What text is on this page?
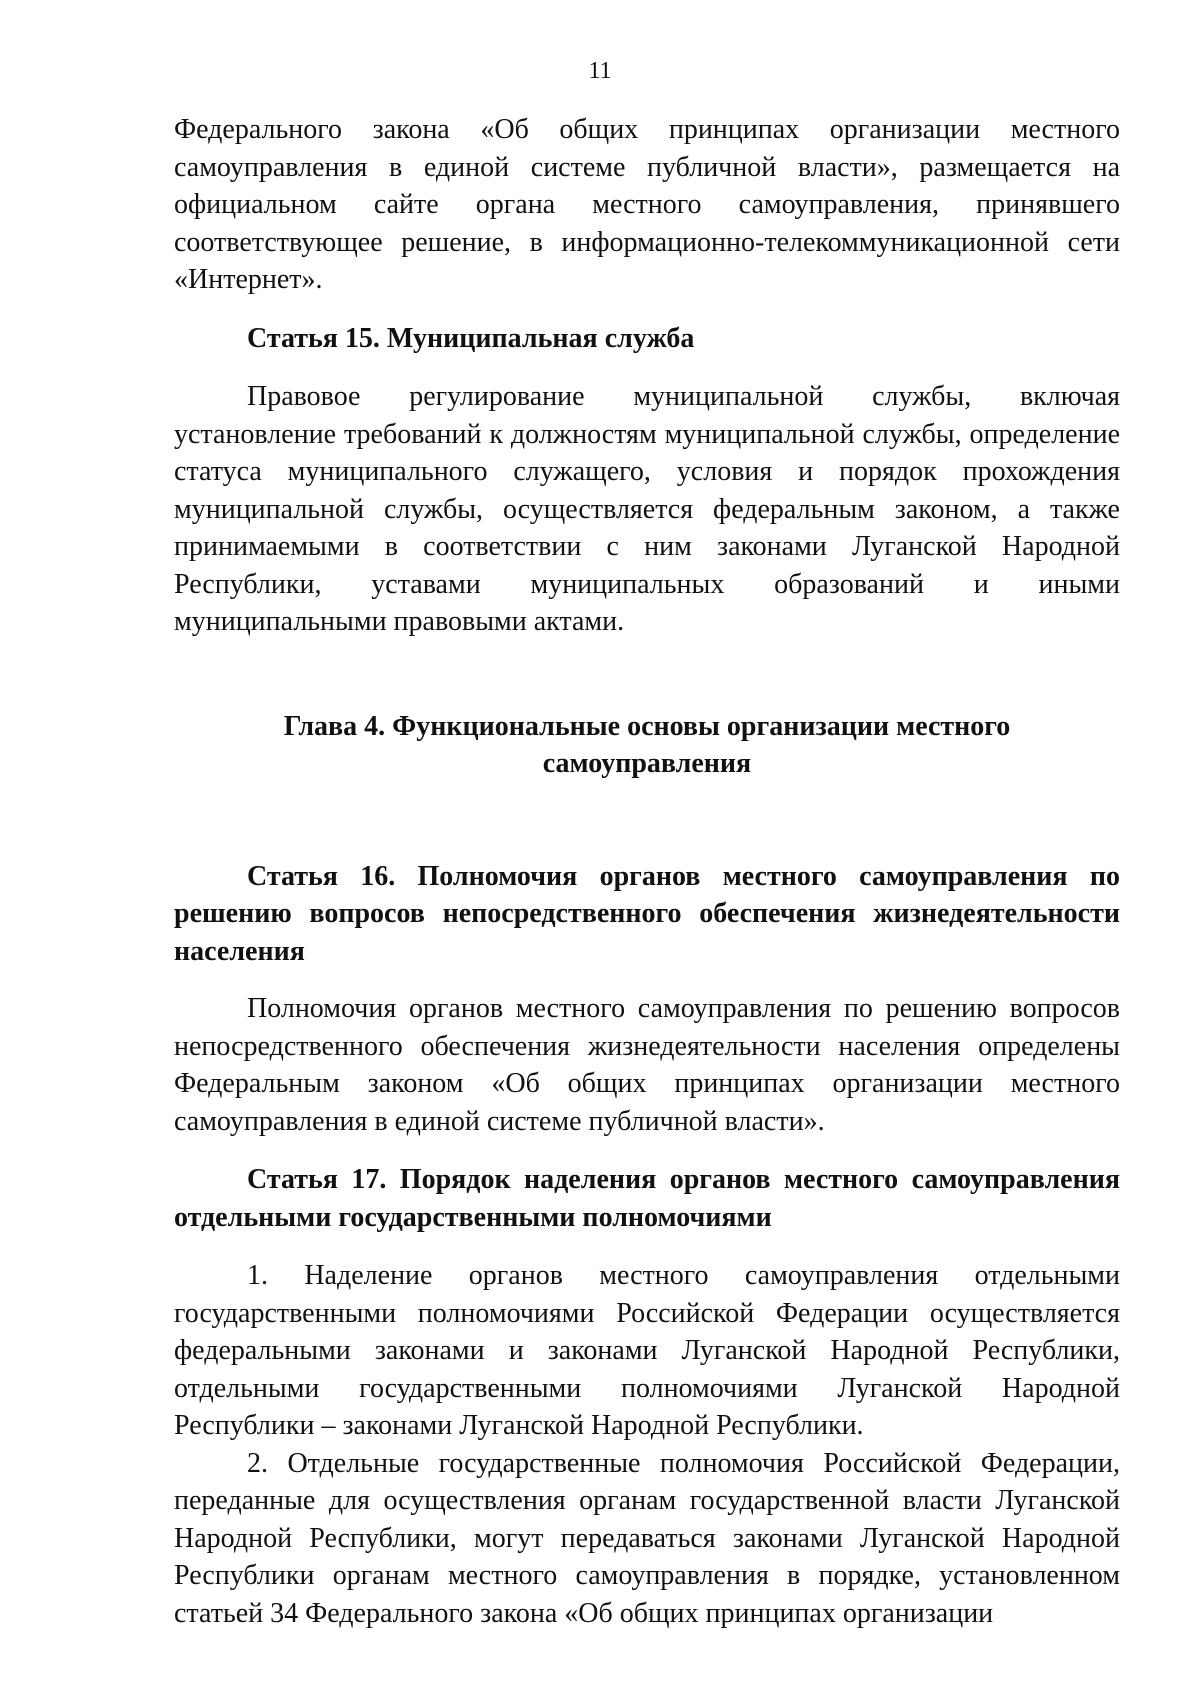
11

Федерального закона «Об общих принципах организации местного самоуправления в единой системе публичной власти», размещается на официальном сайте органа местного самоуправления, принявшего соответствующее решение, в информационно-телекоммуникационной сети «Интернет».

Статья 15. Муниципальная служба

Правовое регулирование муниципальной службы, включая установление требований к должностям муниципальной службы, определение статуса муниципального служащего, условия и порядок прохождения муниципальной службы, осуществляется федеральным законом, а также принимаемыми в соответствии с ним законами Луганской Народной Республики, уставами муниципальных образований и иными муниципальными правовыми актами.

Глава 4. Функциональные основы организации местного

самоуправления

Статья 16. Полномочия органов местного самоуправления по решению вопросов непосредственного обеспечения жизнедеятельности населения

Полномочия органов местного самоуправления по решению вопросов непосредственного обеспечения жизнедеятельности населения определены Федеральным законом «Об общих принципах организации местного самоуправления в единой системе публичной власти».

Статья 17. Порядок наделения органов местного самоуправления отдельными государственными полномочиями

1. Наделение органов местного самоуправления отдельными государственными полномочиями Российской Федерации осуществляется федеральными законами и законами Луганской Народной Республики, отдельными государственными полномочиями Луганской Народной Республики – законами Луганской Народной Республики.

2. Отдельные государственные полномочия Российской Федерации, переданные для осуществления органам государственной власти Луганской Народной Республики, могут передаваться законами Луганской Народной Республики органам местного самоуправления в порядке, установленном статьей 34 Федерального закона «Об общих принципах организации
